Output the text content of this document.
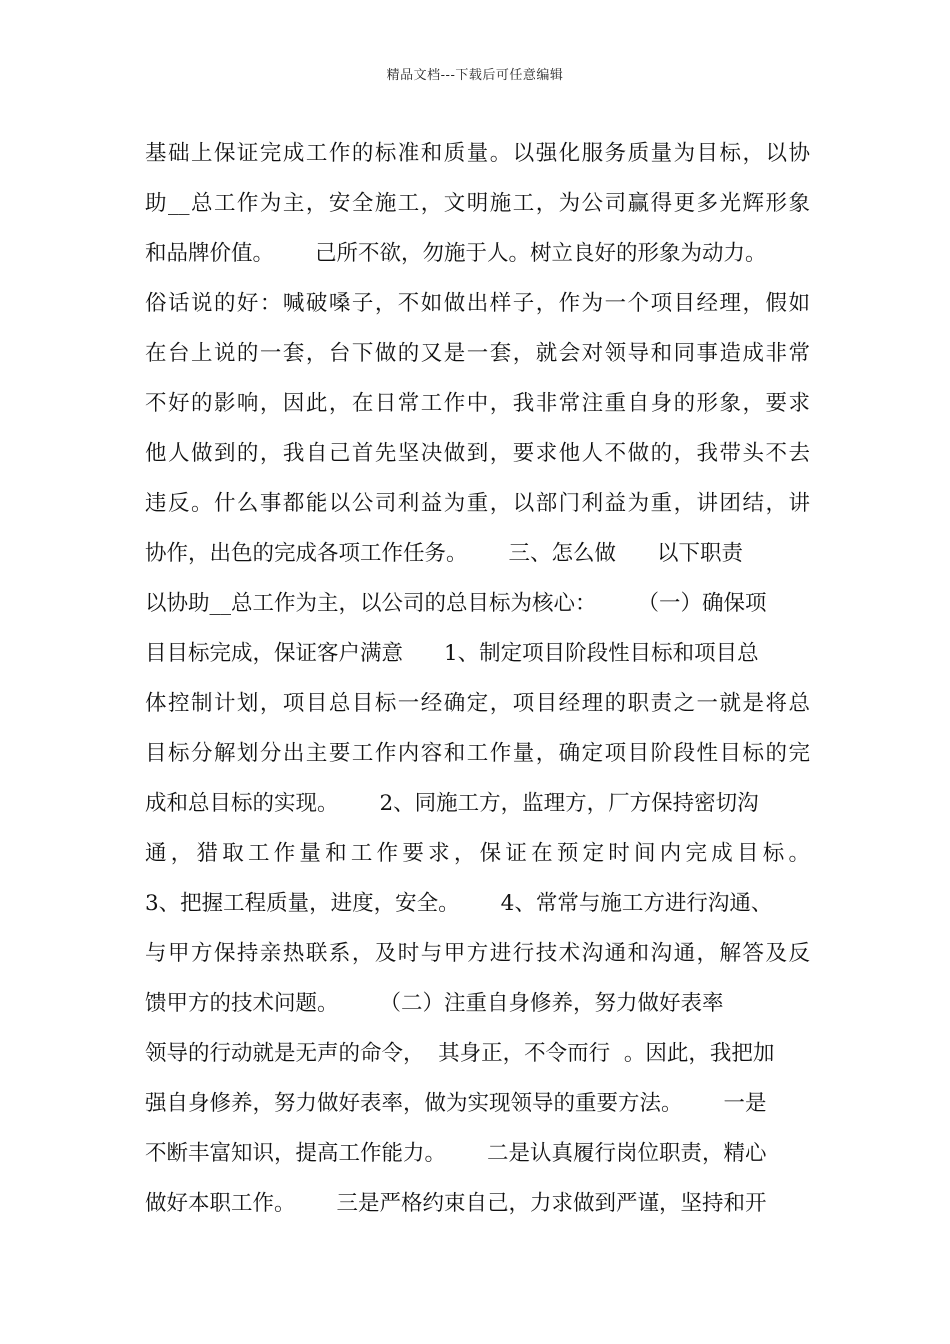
精品文档---下载后可任意编辑
基础上保证完成工作的标准和质量。以强化服务质量为目标，以协
助__总工作为主，安全施工，文明施工，为公司赢得更多光辉形象
和品牌价值。      己所不欲，勿施于人。树立良好的形象为动力。
俗话说的好：喊破嗓子，不如做出样子，作为一个项目经理，假如
在台上说的一套，台下做的又是一套，就会对领导和同事造成非常
不好的影响，因此，在日常工作中，我非常注重自身的形象，要求
他人做到的，我自己首先坚决做到，要求他人不做的，我带头不去
违反。什么事都能以公司利益为重，以部门利益为重，讲团结，讲
协作，出色的完成各项工作任务。      三、怎么做      以下职责
以协助__总工作为主，以公司的总目标为核心：      （一）确保项
目目标完成，保证客户满意      1、制定项目阶段性目标和项目总
体控制计划，项目总目标一经确定，项目经理的职责之一就是将总
目标分解划分出主要工作内容和工作量，确定项目阶段性目标的完
成和总目标的实现。      2、同施工方，监理方，厂方保持密切沟
通，猎取工作量和工作要求，保证在预定时间内完成目标。
3、把握工程质量，进度，安全。      4、常常与施工方进行沟通、
与甲方保持亲热联系，及时与甲方进行技术沟通和沟通，解答及反
馈甲方的技术问题。      （二）注重自身修养，努力做好表率
领导的行动就是无声的命令，  其身正，不令而行  。因此，我把加
强自身修养，努力做好表率，做为实现领导的重要方法。      一是
不断丰富知识，提高工作能力。      二是认真履行岗位职责，精心
做好本职工作。      三是严格约束自己，力求做到严谨，坚持和开
